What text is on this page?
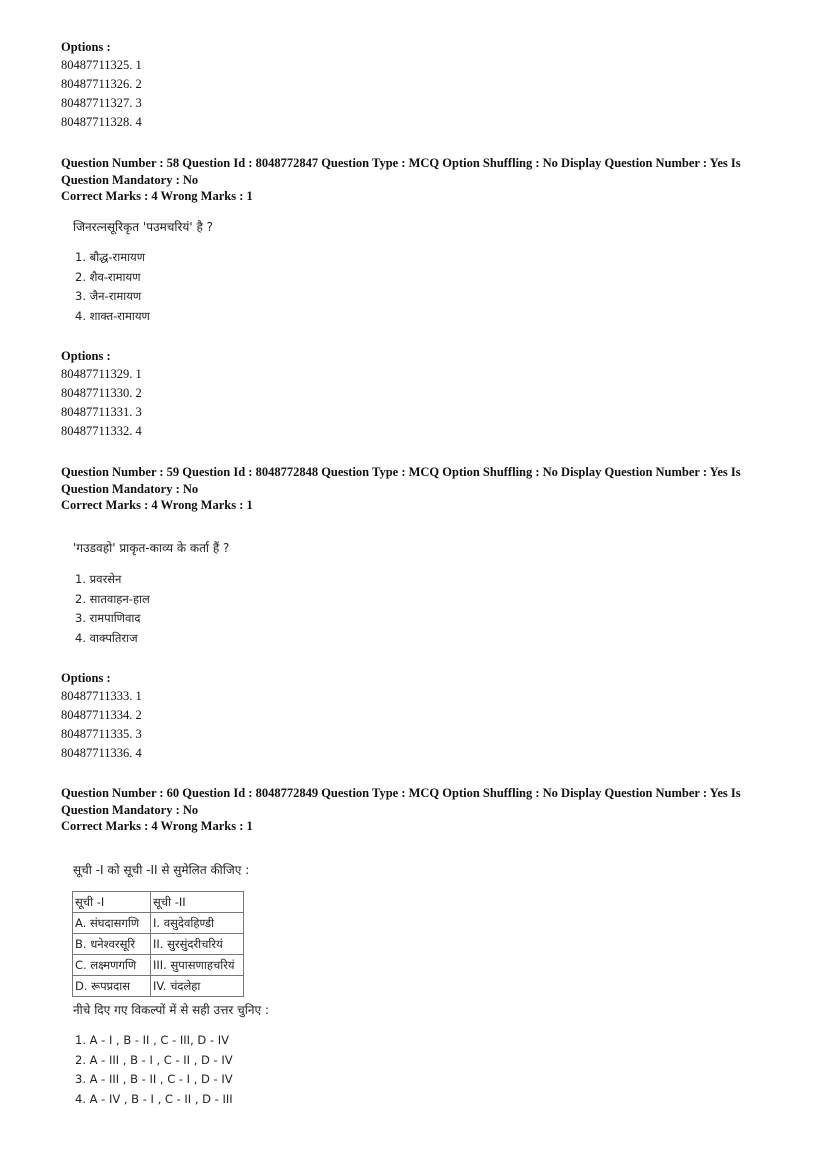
Options :
80487711325. 1
80487711326. 2
80487711327. 3
80487711328. 4
Question Number : 58 Question Id : 8048772847 Question Type : MCQ Option Shuffling : No Display Question Number : Yes Is
Question Mandatory : No
Correct Marks : 4 Wrong Marks : 1
जिनरत्नसूरिकृत 'पउमचरियं' है ?
1. बौद्ध-रामायण
2. शैव-रामायण
3. जैन-रामायण
4. शाक्त-रामायण
Options :
80487711329. 1
80487711330. 2
80487711331. 3
80487711332. 4
Question Number : 59 Question Id : 8048772848 Question Type : MCQ Option Shuffling : No Display Question Number : Yes Is
Question Mandatory : No
Correct Marks : 4 Wrong Marks : 1
'गउडवहो' प्राकृत-काव्य के कर्ता हैं ?
1. प्रवरसेन
2. सातवाहन-हाल
3. रामपाणिवाद
4. वाक्पतिराज
Options :
80487711333. 1
80487711334. 2
80487711335. 3
80487711336. 4
Question Number : 60 Question Id : 8048772849 Question Type : MCQ Option Shuffling : No Display Question Number : Yes Is
Question Mandatory : No
Correct Marks : 4 Wrong Marks : 1
सूची -I को सूची -II से सुमेलित कीजिए :
सूची -I	सूची -II
A. संघदासगणि	I. वसुदेवहिण्डी
B. धनेश्वरसूरि	II. सुरसुंदरीचरियं
C. लक्ष्मणगणि	III. सुपासणाहचरियं
D. रूपप्रदास	IV. चंदलेहा
नीचे दिए गए विकल्पों में से सही उत्तर चुनिए :
1. A - I , B - II , C - III, D - IV
2. A - III , B - I , C - II , D - IV
3. A - III , B - II , C - I , D - IV
4. A - IV , B - I , C - II , D - III
